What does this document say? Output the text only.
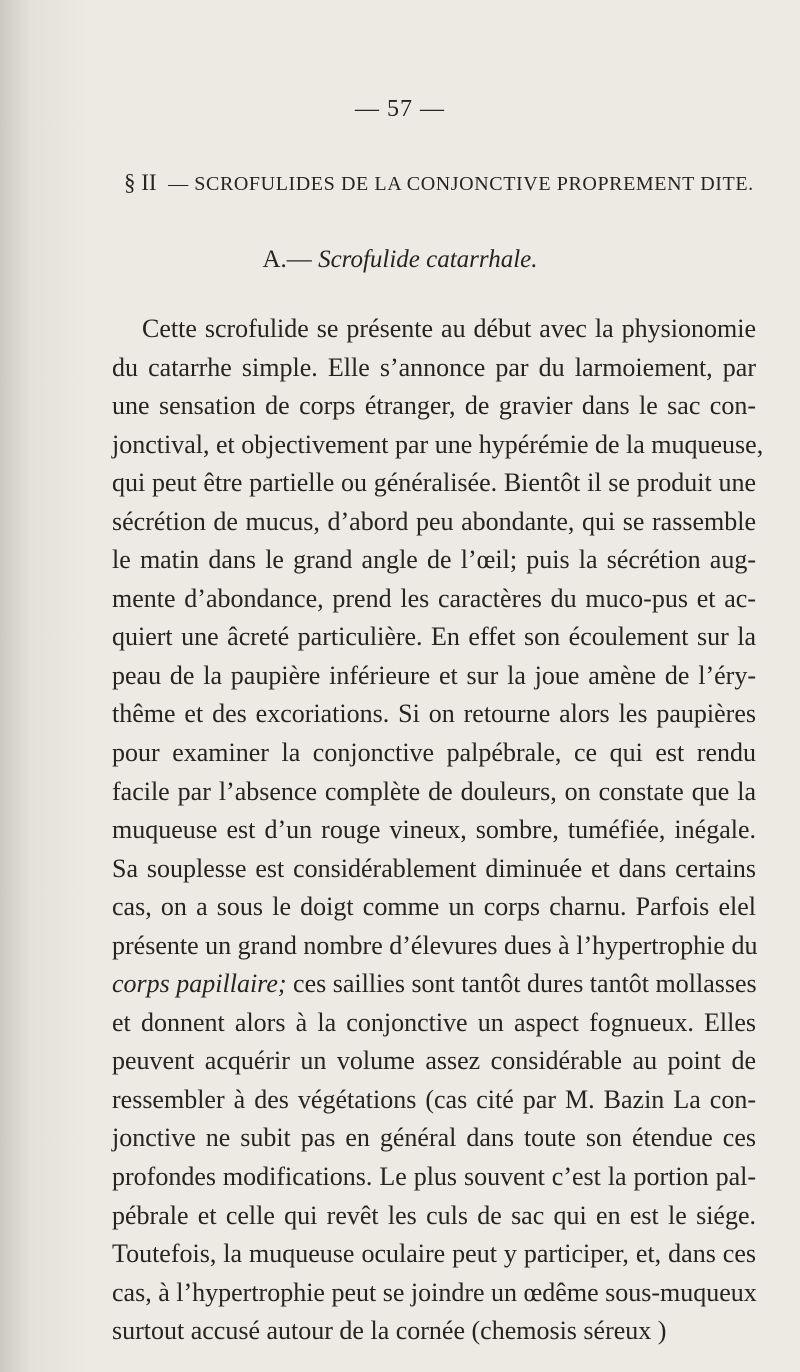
— 57 —
§ II — SCROFULIDES DE LA CONJONCTIVE PROPREMENT DITE.
A.— Scrofulide catarrhale.
Cette scrofulide se présente au début avec la physionomie
du catarrhe simple. Elle s’annonce par du larmoiement, par
une sensation de corps étranger, de gravier dans le sac con-
jonctival, et objectivement par une hypérémie de la muqueuse,
qui peut être partielle ou généralisée. Bientôt il se produit une
sécrétion de mucus, d’abord peu abondante, qui se rassemble
le matin dans le grand angle de l’œil; puis la sécrétion aug-
mente d’abondance, prend les caractères du muco-pus et ac-
quiert une âcreté particulière. En effet son écoulement sur la
peau de la paupière inférieure et sur la joue amène de l’éry-
thême et des excoriations. Si on retourne alors les paupières
pour examiner la conjonctive palpébrale, ce qui est rendu
facile par l’absence complète de douleurs, on constate que la
muqueuse est d’un rouge vineux, sombre, tuméfiée, inégale.
Sa souplesse est considérablement diminuée et dans certains
cas, on a sous le doigt comme un corps charnu. Parfois elel
présente un grand nombre d’élevures dues à l’hypertrophie du
corps papillaire; ces saillies sont tantôt dures tantôt mollasses
et donnent alors à la conjonctive un aspect fognueux. Elles
peuvent acquérir un volume assez considérable au point de
ressembler à des végétations (cas cité par M. Bazin La con-
jonctive ne subit pas en général dans toute son étendue ces
profondes modifications. Le plus souvent c’est la portion pal-
pébrale et celle qui revêt les culs de sac qui en est le siége.
Toutefois, la muqueuse oculaire peut y participer, et, dans ces
cas, à l’hypertrophie peut se joindre un œdême sous-muqueux
surtout accusé autour de la cornée (chemosis séreux )
